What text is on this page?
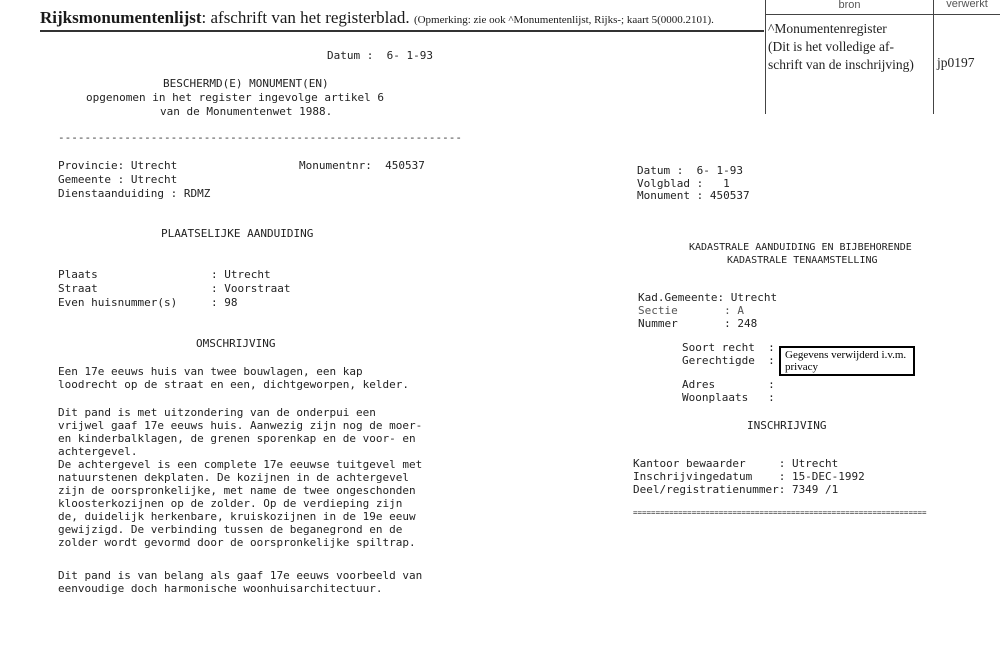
Rijksmonumentenlijst: afschrift van het registerblad. (Opmerking: zie ook ^Monumentenlijst, Rijks-; kaart 5(0000.2101).
bron	verwerkt
^Monumentenregister
(Dit is het volledige af-
schrift van de inschrijving) jp0197
Datum :  6- 1-93
BESCHERMD(E) MONUMENT(EN)
opgenomen in het register ingevolge artikel 6
van de Monumentenwet 1988.
-------------------------------------------------------------
Provincie: Utrecht	Monumentnr:  450537
Gemeente : Utrecht
Dienstaanduiding : RDMZ
PLAATSELIJKE AANDUIDING
Plaats	: Utrecht
Straat	: Voorstraat
Even huisnummer(s)	: 98
OMSCHRIJVING
Een 17e eeuws huis van twee bouwlagen, een kap
loodrecht op de straat en een, dichtgeworpen, kelder.
Dit pand is met uitzondering van de onderpui een
vrijwel gaaf 17e eeuws huis. Aanwezig zijn nog de moer-
en kinderbalklagen, de grenen sporenkap en de voor- en
achtergevel.
De achtergevel is een complete 17e eeuwse tuitgevel met
natuurstenen dekplaten. De kozijnen in de achtergevel
zijn de oorspronkelijke, met name de twee ongeschonden
kloosterkozijnen op de zolder. Op de verdieping zijn
de, duidelijk herkenbare, kruiskozijnen in de 19e eeuw
gewijzigd. De verbinding tussen de beganegrond en de
zolder wordt gevormd door de oorspronkelijke spiltrap.
Dit pand is van belang als gaaf 17e eeuws voorbeeld van
eenvoudige doch harmonische woonhuisarchitectuur.
Datum :  6- 1-93
Volgblad :   1
Monument : 450537
KADASTRALE AANDUIDING EN BIJBEHORENDE
KADASTRALE TENAAMSTELLING
Kad.Gemeente: Utrecht
Sectie       : A
Nummer       : 248
Soort recht  :
Gerechtigde  : Gegevens verwijderd i.v.m.
privacy
Adres        :
Woonplaats   :
INSCHRIJVING
Kantoor bewaarder     : Utrecht
Inschrijvingedatum    : 15-DEC-1992
Deel/registratienummer: 7349 /1
=================================================================
